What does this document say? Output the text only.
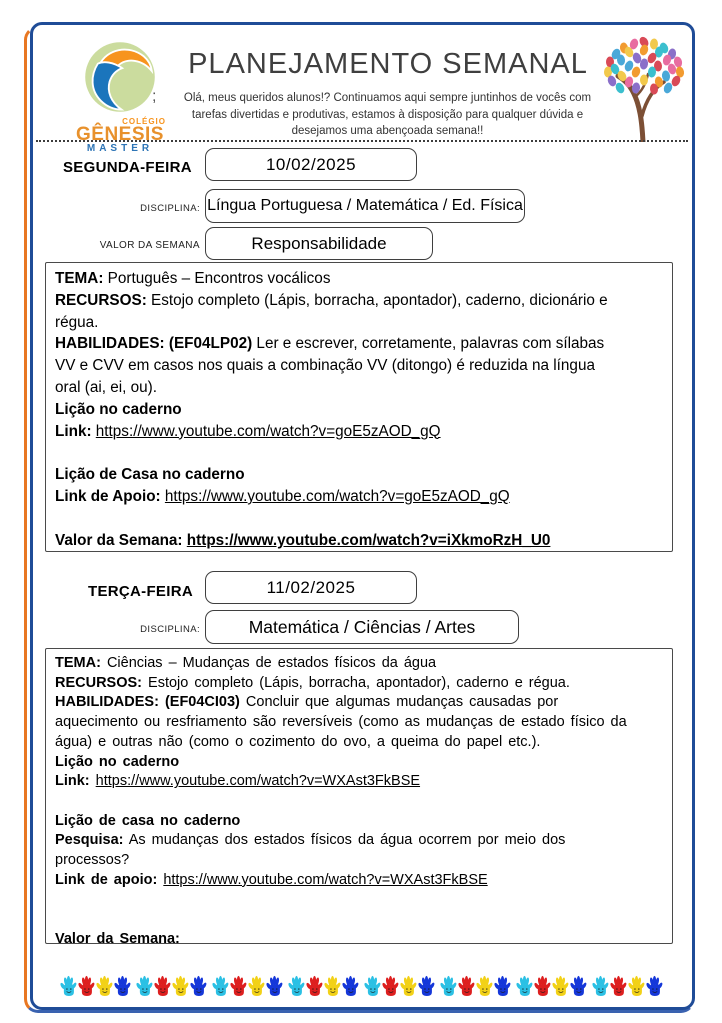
COLÉGIO
GÊNESIS
MASTER
;
PLANEJAMENTO SEMANAL
Olá, meus queridos alunos!? Continuamos aqui sempre juntinhos de vocês com
tarefas divertidas e produtivas, estamos à disposição para qualquer dúvida e
desejamos uma abençoada semana!!
SEGUNDA-FEIRA	10/02/2025
DISCIPLINA: Língua Portuguesa / Matemática / Ed. Física
VALOR DA SEMANA	Responsabilidade
TEMA: Português – Encontros vocálicos
RECURSOS: Estojo completo (Lápis, borracha, apontador), caderno, dicionário e
régua.
HABILIDADES: (EF04LP02) Ler e escrever, corretamente, palavras com sílabas
VV e CVV em casos nos quais a combinação VV (ditongo) é reduzida na língua
oral (ai, ei, ou).
Lição no caderno
Link: https://www.youtube.com/watch?v=goE5zAOD_gQ

Lição de Casa no caderno
Link de Apoio: https://www.youtube.com/watch?v=goE5zAOD_gQ

Valor da Semana: https://www.youtube.com/watch?v=iXkmoRzH_U0
TERÇA-FEIRA	11/02/2025
DISCIPLINA:	Matemática / Ciências / Artes
TEMA: Ciências – Mudanças de estados físicos da água
RECURSOS: Estojo completo (Lápis, borracha, apontador), caderno e régua.
HABILIDADES: (EF04CI03) Concluir que algumas mudanças causadas por
aquecimento ou resfriamento são reversíveis (como as mudanças de estado físico da
água) e outras não (como o cozimento do ovo, a queima do papel etc.).
Lição no caderno
Link: https://www.youtube.com/watch?v=WXAst3FkBSE

Lição de casa no caderno
Pesquisa: As mudanças dos estados físicos da água ocorrem por meio dos
processos?
Link de apoio: https://www.youtube.com/watch?v=WXAst3FkBSE

Valor da Semana:
